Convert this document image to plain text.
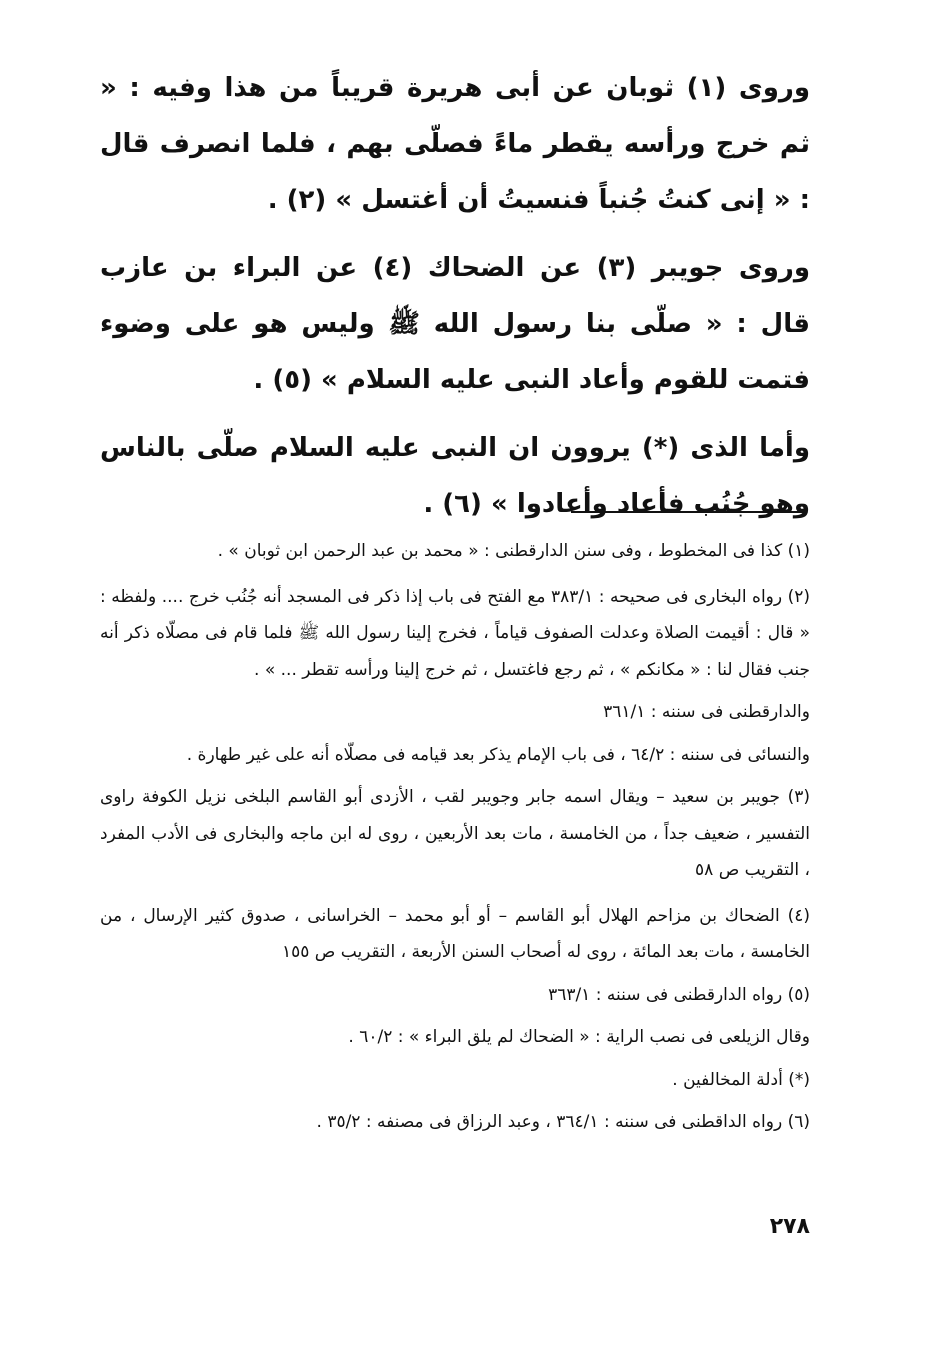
وروى (١) ثوبان عن أبى هريرة قريباً من هذا وفيه : « ثم خرج ورأسه يقطر ماءً فصلّى بهم ، فلما انصرف قال : « إنى كنتُ جُنباً فنسيتُ أن أغتسل » (٢) .

وروى جويبر (٣) عن الضحاك (٤) عن البراء بن عازب قال : « صلّى بنا رسول الله ﷺ وليس هو على وضوء فتمت للقوم وأعاد النبى عليه السلام » (٥) .

وأما الذى (*) يروون ان النبى عليه السلام صلّى بالناس وهو جُنُب فأعاد وأعادوا » (٦) .

(١) كذا فى المخطوط ، وفى سنن الدارقطنى : « محمد بن عبد الرحمن ابن ثوبان » .

(٢) رواه البخارى فى صحيحه : ٣٨٣/١ مع الفتح فى باب إذا ذكر فى المسجد أنه جُنُب خرج .... ولفظه : « قال : أقيمت الصلاة وعدلت الصفوف قياماً ، فخرج إلينا رسول الله ﷺ فلما قام فى مصلّاه ذكر أنه جنب فقال لنا : « مكانكم » ، ثم رجع فاغتسل ، ثم خرج إلينا ورأسه تقطر ... » .

والدارقطنى فى سننه : ٣٦١/١

والنسائى فى سننه : ٦٤/٢ ، فى باب الإمام يذكر بعد قيامه فى مصلّاه أنه على غير طهارة .

(٣) جويبر بن سعيد – ويقال اسمه جابر وجويبر لقب ، الأزدى أبو القاسم البلخى نزيل الكوفة راوى التفسير ، ضعيف جداً ، من الخامسة ، مات بعد الأربعين ، روى له ابن ماجه والبخارى فى الأدب المفرد ، التقريب ص ٥٨

(٤) الضحاك بن مزاحم الهلال أبو القاسم – أو أبو محمد – الخراسانى ، صدوق كثير الإرسال ، من الخامسة ، مات بعد المائة ، روى له أصحاب السنن الأربعة ، التقريب ص ١٥٥

(٥) رواه الدارقطنى فى سننه : ٣٦٣/١

وقال الزيلعى فى نصب الراية : « الضحاك لم يلق البراء » : ٦٠/٢ .

(*) أدلة المخالفين .

(٦) رواه الداقطنى فى سننه : ٣٦٤/١ ، وعبد الرزاق فى مصنفه : ٣٥/٢ .

٢٧٨
